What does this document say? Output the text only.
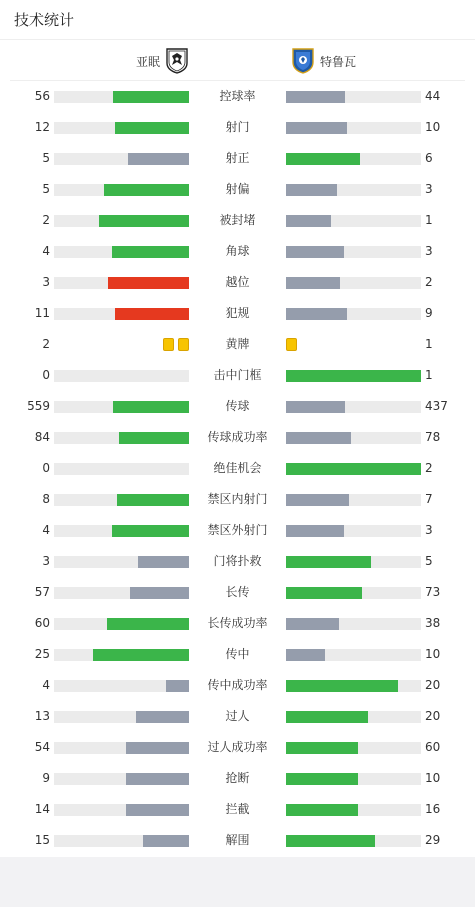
技术统计
亚眠	特鲁瓦
56	控球率	44
12	射门	10
5	射正	6
5	射偏	3
2	被封堵	1
4	角球	3
3	越位	2
11	犯规	9
2	黄牌	1
0	击中门框	1
559	传球	437
84	传球成功率	78
0	绝佳机会	2
8	禁区内射门	7
4	禁区外射门	3
3	门将扑救	5
57	长传	73
60	长传成功率	38
25	传中	10
4	传中成功率	20
13	过人	20
54	过人成功率	60
9	抢断	10
14	拦截	16
15	解围	29
